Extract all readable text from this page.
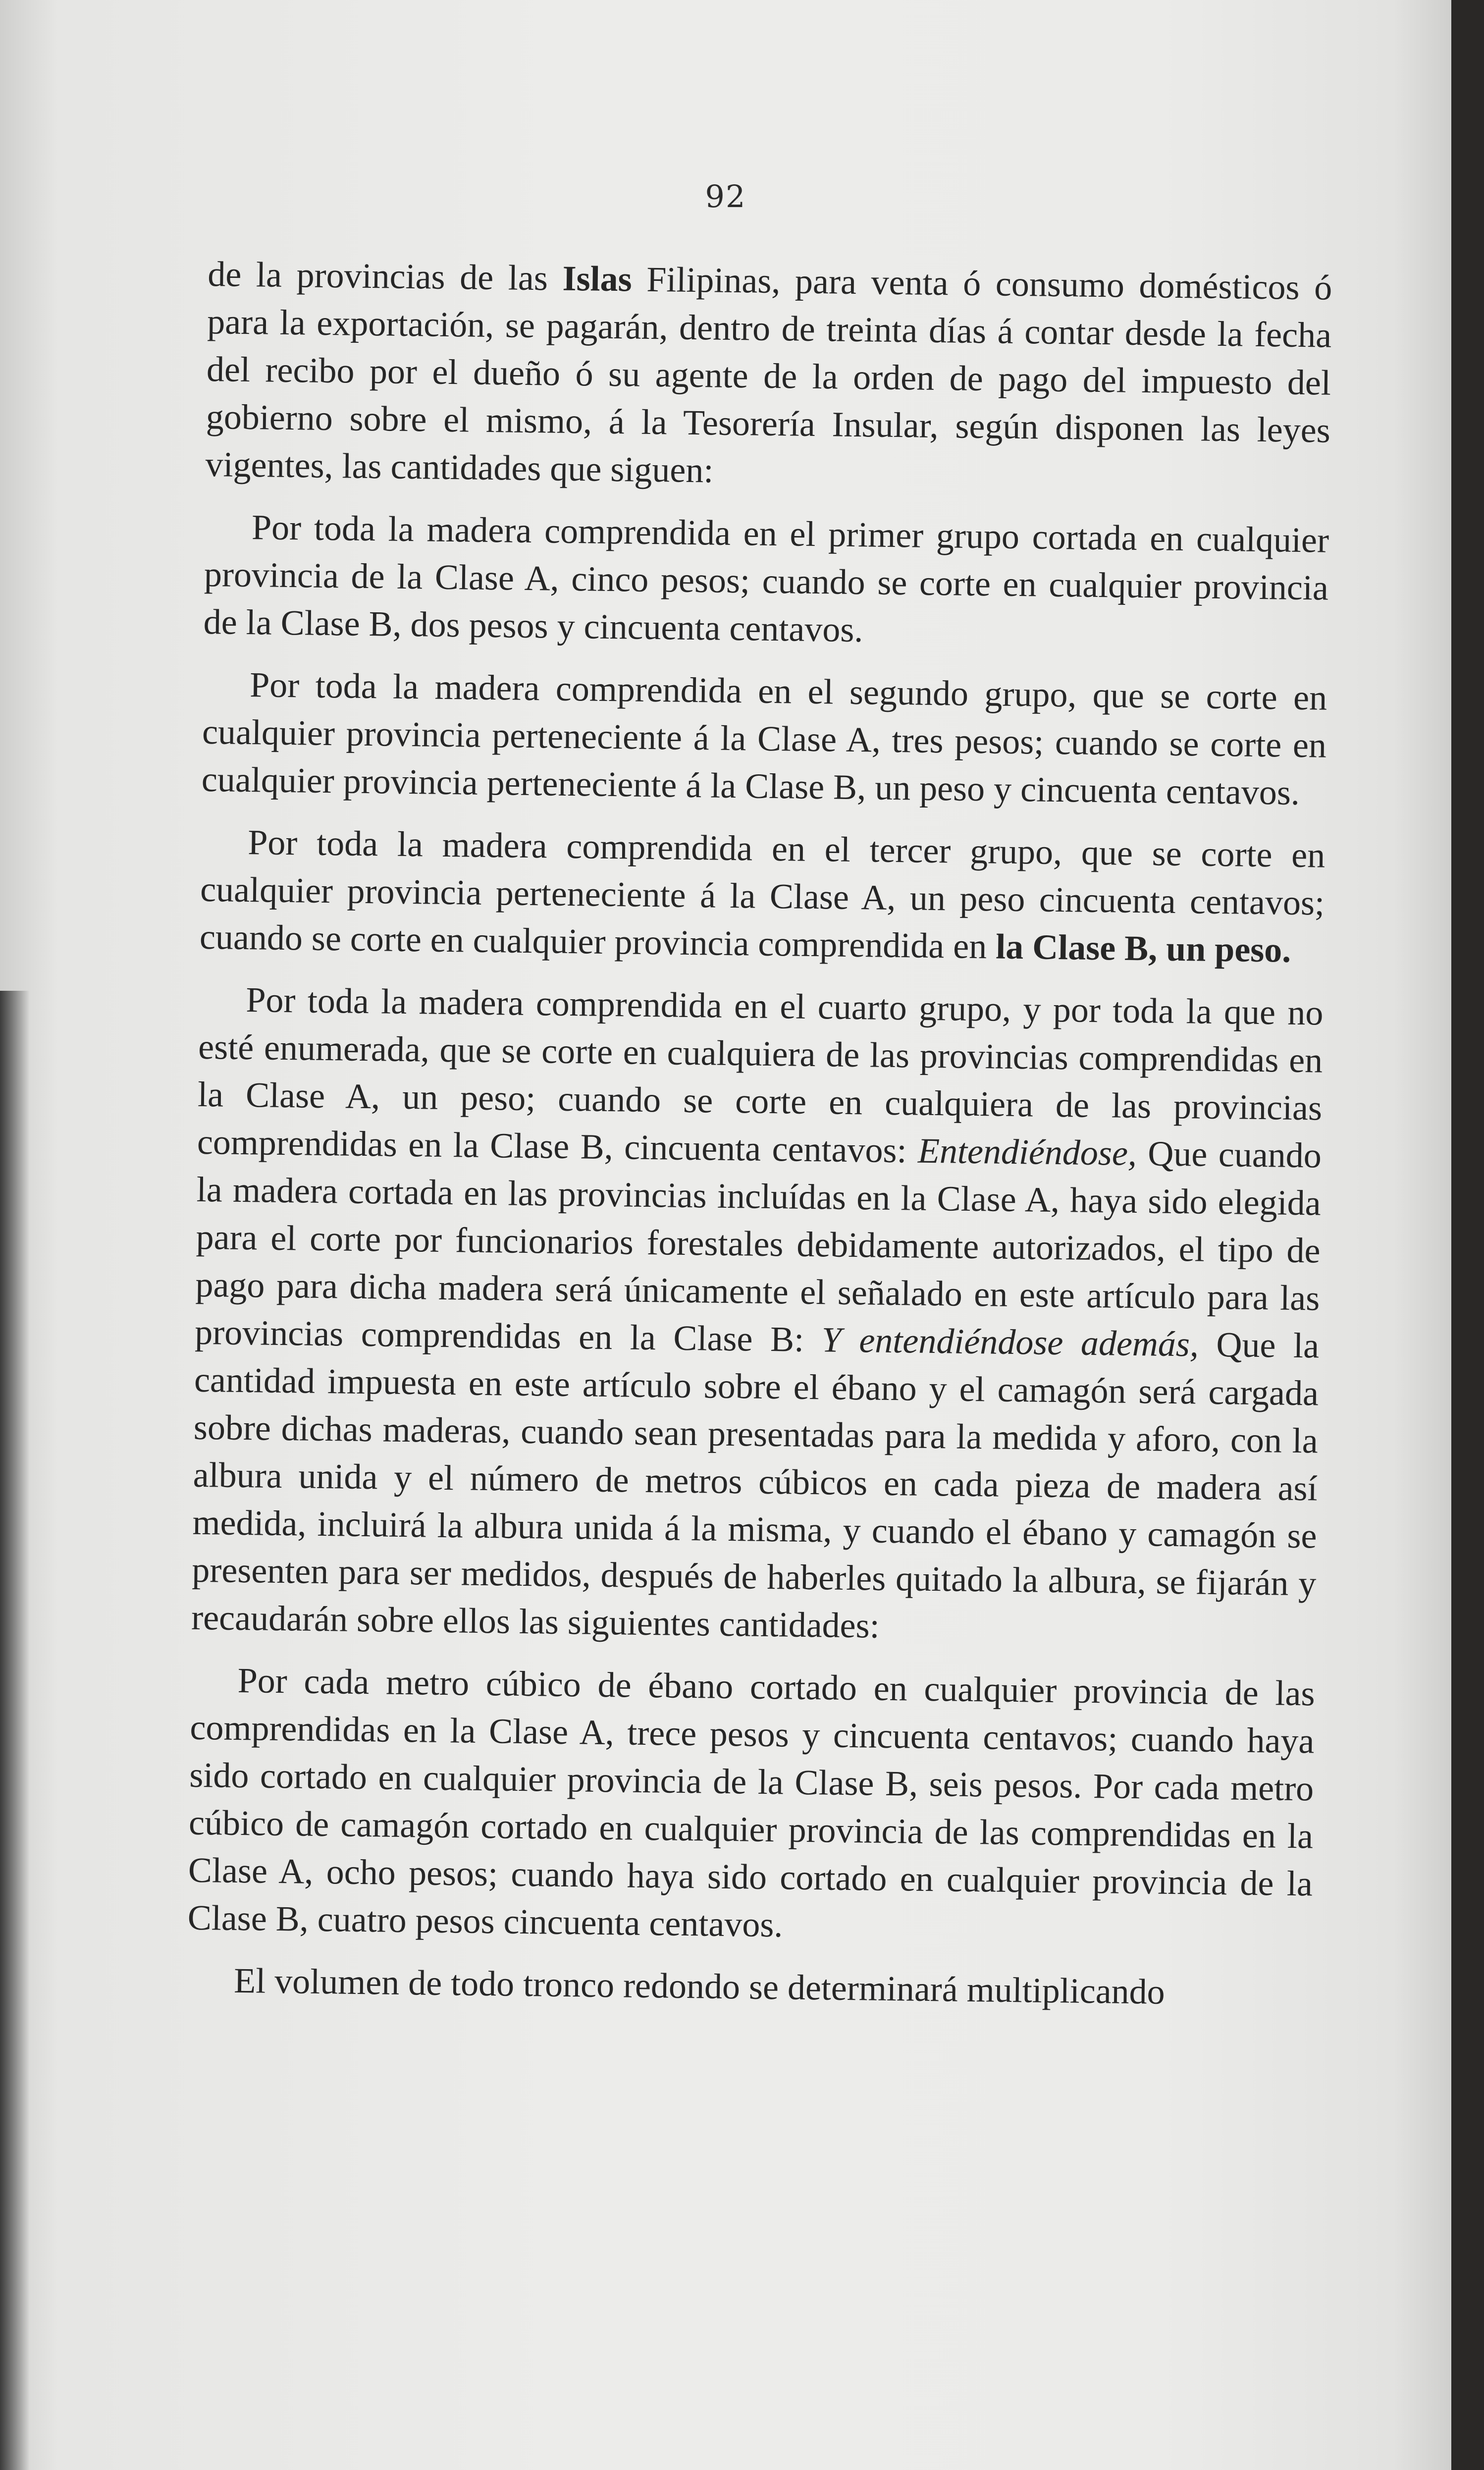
92

de la provincias de las Islas Filipinas, para venta ó consumo domésticos ó para la exportación, se pagarán, dentro de treinta días á contar desde la fecha del recibo por el dueño ó su agente de la orden de pago del impuesto del gobierno sobre el mismo, á la Tesorería Insular, según disponen las leyes vigentes, las cantidades que siguen:

Por toda la madera comprendida en el primer grupo cortada en cualquier provincia de la Clase A, cinco pesos; cuando se corte en cualquier provincia de la Clase B, dos pesos y cincuenta centavos.

Por toda la madera comprendida en el segundo grupo, que se corte en cualquier provincia perteneciente á la Clase A, tres pesos; cuando se corte en cualquier provincia perteneciente á la Clase B, un peso y cincuenta centavos.

Por toda la madera comprendida en el tercer grupo, que se corte en cualquier provincia perteneciente á la Clase A, un peso cincuenta centavos; cuando se corte en cualquier provincia comprendida en la Clase B, un peso.

Por toda la madera comprendida en el cuarto grupo, y por toda la que no esté enumerada, que se corte en cualquiera de las provincias comprendidas en la Clase A, un peso; cuando se corte en cualquiera de las provincias comprendidas en la Clase B, cincuenta centavos: Entendiéndose, Que cuando la madera cortada en las provincias incluídas en la Clase A, haya sido elegida para el corte por funcionarios forestales debidamente autorizados, el tipo de pago para dicha madera será únicamente el señalado en este artículo para las provincias comprendidas en la Clase B: Y entendiéndose además, Que la cantidad impuesta en este artículo sobre el ébano y el camagón será cargada sobre dichas maderas, cuando sean presentadas para la medida y aforo, con la albura unida y el número de metros cúbicos en cada pieza de madera así medida, incluirá la albura unida á la misma, y cuando el ébano y camagón se presenten para ser medidos, después de haberles quitado la albura, se fijarán y recaudarán sobre ellos las siguientes cantidades:

Por cada metro cúbico de ébano cortado en cualquier provincia de las comprendidas en la Clase A, trece pesos y cincuenta centavos; cuando haya sido cortado en cualquier provincia de la Clase B, seis pesos. Por cada metro cúbico de camagón cortado en cualquier provincia de las comprendidas en la Clase A, ocho pesos; cuando haya sido cortado en cualquier provincia de la Clase B, cuatro pesos cincuenta centavos.

El volumen de todo tronco redondo se determinará multiplicando
